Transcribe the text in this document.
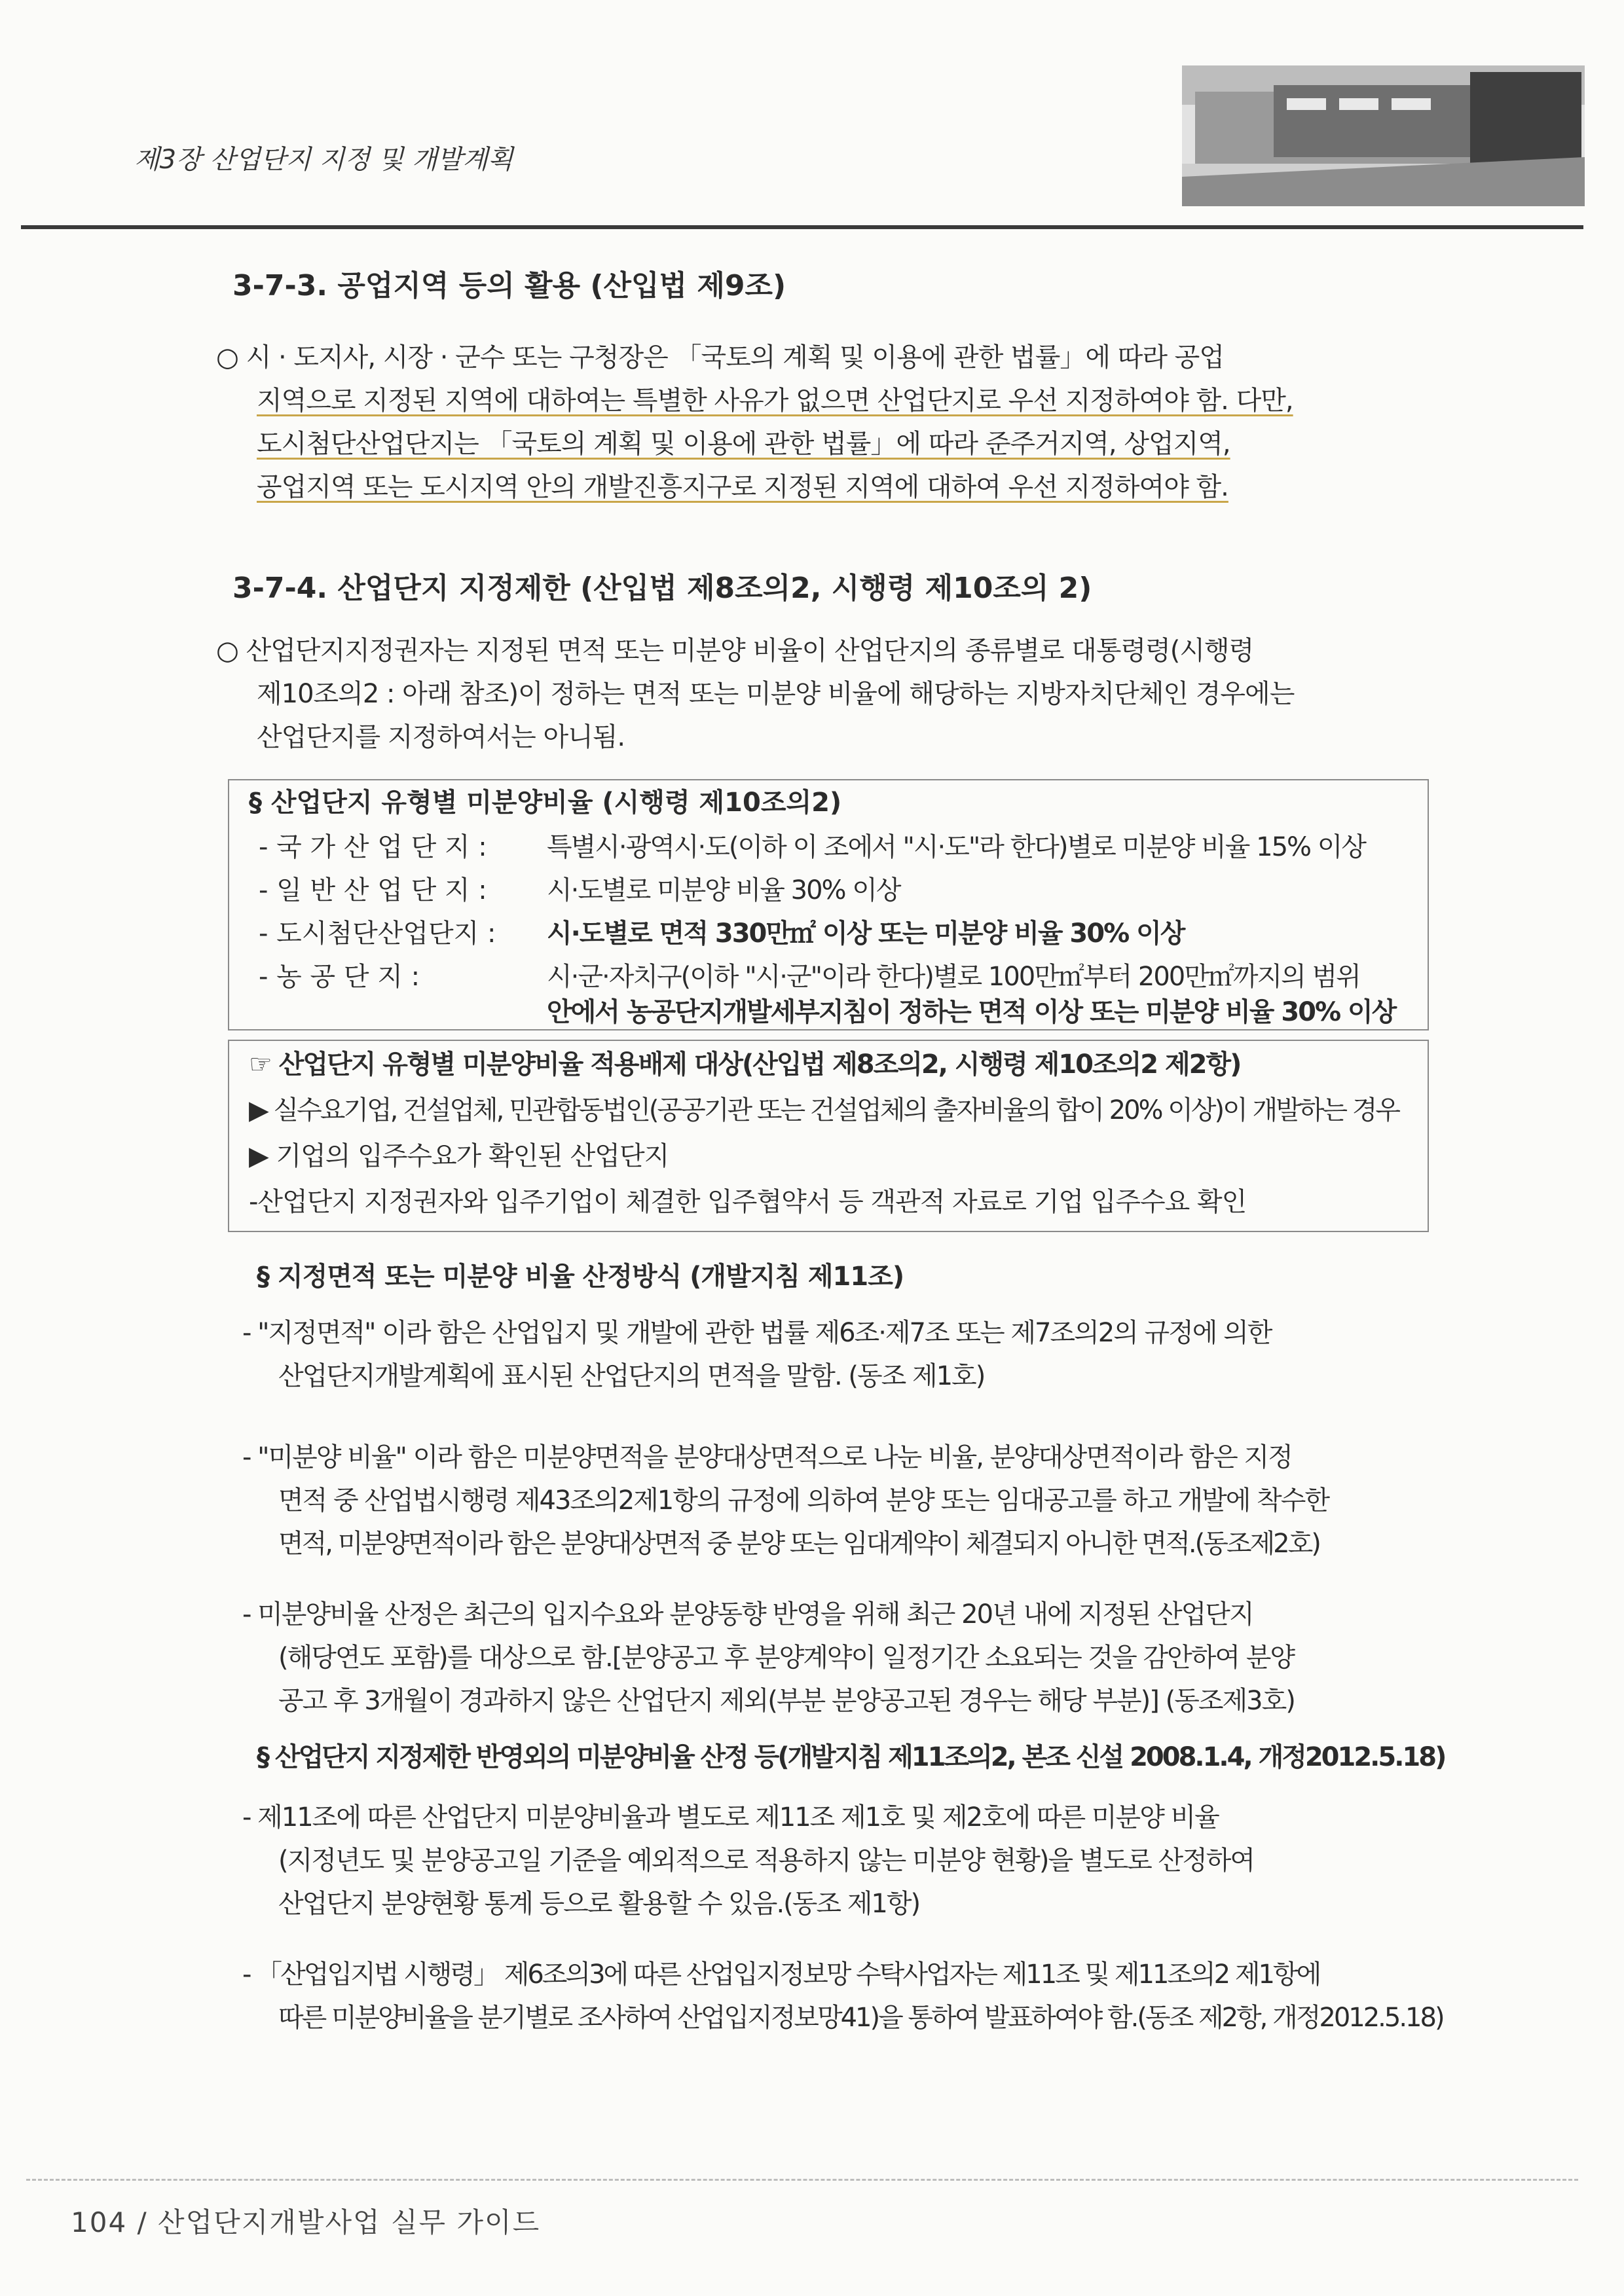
제3장 산업단지 지정 및 개발계획
3-7-3. 공업지역 등의 활용 (산입법 제9조)
○ 시 · 도지사, 시장 · 군수 또는 구청장은 「국토의 계획 및 이용에 관한 법률」에 따라 공업
지역으로 지정된 지역에 대하여는 특별한 사유가 없으면 산업단지로 우선 지정하여야 함. 다만,
도시첨단산업단지는 「국토의 계획 및 이용에 관한 법률」에 따라 준주거지역, 상업지역,
공업지역 또는 도시지역 안의 개발진흥지구로 지정된 지역에 대하여 우선 지정하여야 함.
3-7-4. 산업단지 지정제한 (산입법 제8조의2, 시행령 제10조의 2)
○ 산업단지지정권자는 지정된 면적 또는 미분양 비율이 산업단지의 종류별로 대통령령(시행령
제10조의2 : 아래 참조)이 정하는 면적 또는 미분양 비율에 해당하는 지방자치단체인 경우에는
산업단지를 지정하여서는 아니됨.
§ 산업단지 유형별 미분양비율 (시행령 제10조의2)
- 국 가 산 업 단 지 : 특별시·광역시·도(이하 이 조에서 "시·도"라 한다)별로 미분양 비율 15% 이상
- 일 반 산 업 단 지 : 시·도별로 미분양 비율 30% 이상
- 도시첨단산업단지 : 시·도별로 면적 330만㎡ 이상 또는 미분양 비율 30% 이상
- 농 공 단 지 :	시·군·자치구(이하 "시·군"이라 한다)별로 100만㎡부터 200만㎡까지의 범위
안에서 농공단지개발세부지침이 정하는 면적 이상 또는 미분양 비율 30% 이상
☞ 산업단지 유형별 미분양비율 적용배제 대상(산입법 제8조의2, 시행령 제10조의2 제2항)
▶ 실수요기업, 건설업체, 민관합동법인(공공기관 또는 건설업체의 출자비율의 합이 20% 이상)이 개발하는 경우
▶ 기업의 입주수요가 확인된 산업단지
-산업단지 지정권자와 입주기업이 체결한 입주협약서 등 객관적 자료로 기업 입주수요 확인
§ 지정면적 또는 미분양 비율 산정방식 (개발지침 제11조)
- "지정면적" 이라 함은 산업입지 및 개발에 관한 법률 제6조·제7조 또는 제7조의2의 규정에 의한
산업단지개발계획에 표시된 산업단지의 면적을 말함. (동조 제1호)
- "미분양 비율" 이라 함은 미분양면적을 분양대상면적으로 나눈 비율, 분양대상면적이라 함은 지정
면적 중 산업법시행령 제43조의2제1항의 규정에 의하여 분양 또는 임대공고를 하고 개발에 착수한
면적, 미분양면적이라 함은 분양대상면적 중 분양 또는 임대계약이 체결되지 아니한 면적.(동조제2호)
- 미분양비율 산정은 최근의 입지수요와 분양동향 반영을 위해 최근 20년 내에 지정된 산업단지
(해당연도 포함)를 대상으로 함.[분양공고 후 분양계약이 일정기간 소요되는 것을 감안하여 분양
공고 후 3개월이 경과하지 않은 산업단지 제외(부분 분양공고된 경우는 해당 부분)] (동조제3호)
§ 산업단지 지정제한 반영외의 미분양비율 산정 등(개발지침 제11조의2, 본조 신설 2008.1.4, 개정2012.5.18)
- 제11조에 따른 산업단지 미분양비율과 별도로 제11조 제1호 및 제2호에 따른 미분양 비율
(지정년도 및 분양공고일 기준을 예외적으로 적용하지 않는 미분양 현황)을 별도로 산정하여
산업단지 분양현황 통계 등으로 활용할 수 있음.(동조 제1항)
- 「산업입지법 시행령」 제6조의3에 따른 산업입지정보망 수탁사업자는 제11조 및 제11조의2 제1항에
따른 미분양비율을 분기별로 조사하여 산업입지정보망41)을 통하여 발표하여야 함.(동조 제2항, 개정2012.5.18)
104 / 산업단지개발사업 실무 가이드
